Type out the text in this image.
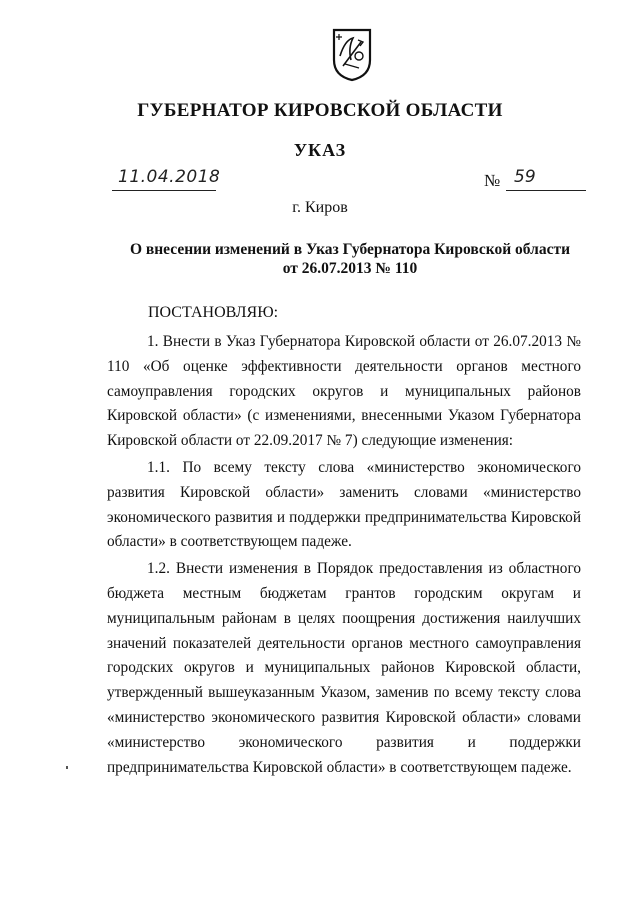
ГУБЕРНАТОР КИРОВСКОЙ ОБЛАСТИ
УКАЗ
11.04.2018	№ 59
г. Киров
О внесении изменений в Указ Губернатора Кировской области
от 26.07.2013 № 110
ПОСТАНОВЛЯЮ:

1. Внести в Указ Губернатора Кировской области от 26.07.2013 № 110 «Об оценке эффективности деятельности органов местного самоуправления городских округов и муниципальных районов Кировской области» (с изменениями, внесенными Указом Губернатора Кировской области от 22.09.2017 № 7) следующие изменения:

1.1. По всему тексту слова «министерство экономического развития Кировской области» заменить словами «министерство экономического развития и поддержки предпринимательства Кировской области» в соответствующем падеже.

1.2. Внести изменения в Порядок предоставления из областного бюджета местным бюджетам грантов городским округам и муниципальным районам в целях поощрения достижения наилучших значений показателей деятельности органов местного самоуправления городских округов и муниципальных районов Кировской области, утвержденный вышеуказанным Указом, заменив по всему тексту слова «министерство экономического развития Кировской области» словами «министерство экономического развития и поддержки предпринимательства Кировской области» в соответствующем падеже.
